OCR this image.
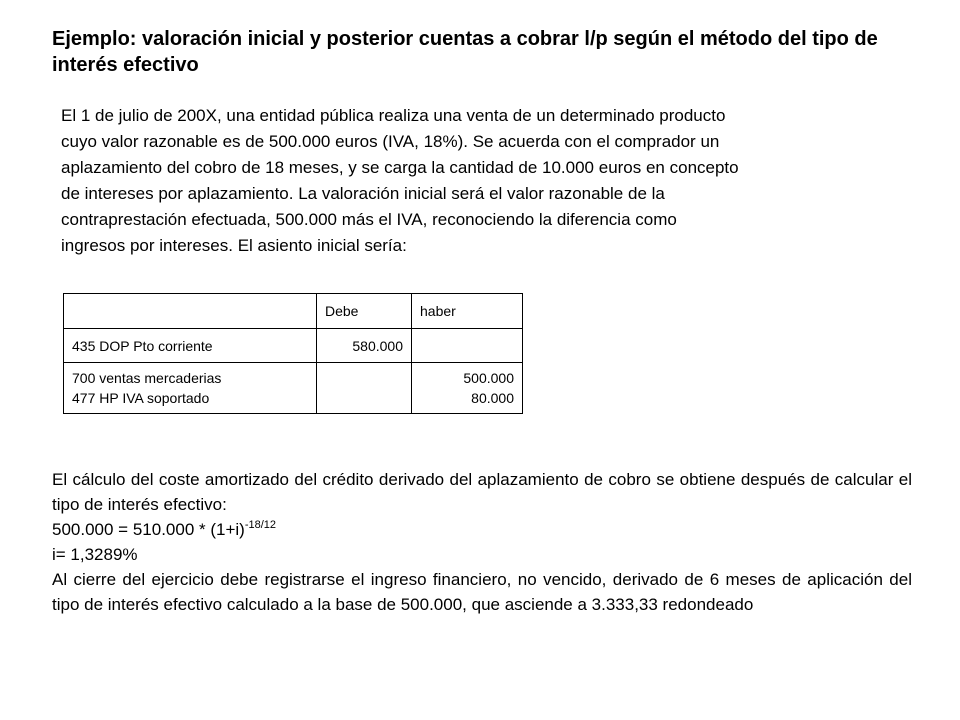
Ejemplo: valoración inicial y posterior cuentas a cobrar l/p según el método del tipo de interés efectivo
El 1 de julio de 200X, una entidad pública realiza una venta de un determinado producto
cuyo valor razonable es de 500.000 euros (IVA, 18%). Se acuerda con el comprador un
aplazamiento del cobro de 18 meses, y se carga la cantidad de 10.000 euros en concepto
de intereses por aplazamiento. La valoración inicial será el valor razonable de la
contraprestación efectuada, 500.000 más el IVA, reconociendo la diferencia como
ingresos por intereses. El asiento inicial sería:
	Debe	haber
435 DOP Pto corriente	580.000	

700 ventas mercaderias
477 HP IVA soportado		500.000
80.000
El cálculo del coste amortizado del crédito derivado del aplazamiento de cobro se obtiene después de calcular el tipo de interés efectivo:
$500.000 = 510.000 * (1+i)^{-18/12}$
i= 1,3289%
Al cierre del ejercicio debe registrarse el ingreso financiero, no vencido, derivado de 6 meses de aplicación del tipo de interés efectivo calculado a la base de 500.000, que asciende a 3.333,33 redondeado
